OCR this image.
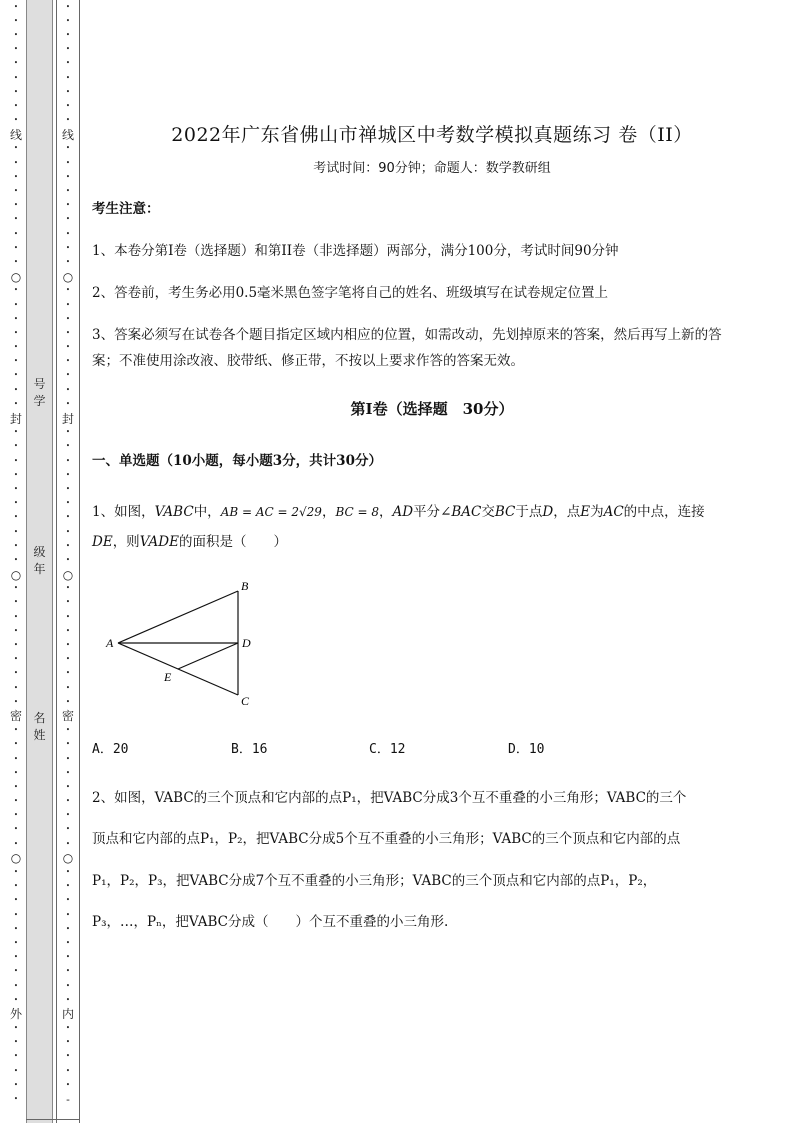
•
•
•
•
•
•
•
•
•
线
•
•
•
•
•
•
•
•
•
○
•
•
•
•
•
•
•
•
•
封
•
•
•
•
•
•
•
•
•
•
○
•
•
•
•
•
•
•
•
•
密
•
•
•
•
•
•
•
•
•
○
•
•
•
•
•
•
•
•
•
•
外
•
•
•
•
•
•
号
学
级
年
名
姓
•
•
•
•
•
•
•
•
•
线
•
•
•
•
•
•
•
•
•
○
•
•
•
•
•
•
•
•
•
封
•
•
•
•
•
•
•
•
•
•
○
•
•
•
•
•
•
•
•
•
密
•
•
•
•
•
•
•
•
•
○
•
•
•
•
•
•
•
•
•
•
内
•
•
•
•
•
-
2022年广东省佛山市禅城区中考数学模拟真题练习 卷（II）
考试时间：90分钟；命题人：数学教研组
考生注意：
1、本卷分第I卷（选择题）和第II卷（非选择题）两部分，满分100分，考试时间90分钟
2、答卷前，考生务必用0.5毫米黑色签字笔将自己的姓名、班级填写在试卷规定位置上
3、答案必须写在试卷各个题目指定区域内相应的位置，如需改动，先划掉原来的答案，然后再写上新的答案；不准使用涂改液、胶带纸、修正带，不按以上要求作答的答案无效。
第I卷（选择题　30分）
一、单选题（10小题，每小题3分，共计30分）
1、如图，VABC中，AB = AC = 2√29，BC = 8，AD平分∠BAC交BC于点D，点E为AC的中点，连接
DE，则VADE的面积是（　　）
A
B
D
E
C
A．20	B．16	C．12	D．10
2、如图，VABC的三个顶点和它内部的点P₁，把VABC分成3个互不重叠的小三角形；VABC的三个
顶点和它内部的点P₁，P₂，把VABC分成5个互不重叠的小三角形；VABC的三个顶点和它内部的点
P₁，P₂，P₃，把VABC分成7个互不重叠的小三角形；VABC的三个顶点和它内部的点P₁，P₂，
P₃，…，Pₙ，把VABC分成（　　）个互不重叠的小三角形.
